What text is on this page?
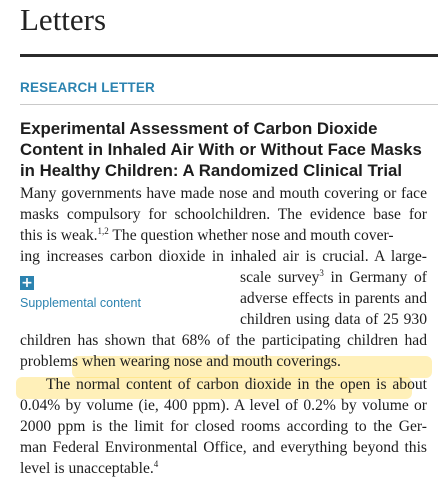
Letters
RESEARCH LETTER
Experimental Assessment of Carbon Dioxide
Content in Inhaled Air With or Without Face Masks
in Healthy Children: A Randomized Clinical Trial
Many governments have made nose and mouth covering or face
masks compulsory for schoolchildren. The evidence base for
this is weak.$^{1,2}$ The question whether nose and mouth cover-
ing increases carbon dioxide in inhaled air is crucial. A large-
+
Supplemental content
scale survey$^3$ in Germany of
adverse effects in parents and
children using data of 25 930
children has shown that 68% of the participating children had
problems when wearing nose and mouth coverings.
The normal content of carbon dioxide in the open is about
0.04% by volume (ie, 400 ppm). A level of 0.2% by volume or
2000 ppm is the limit for closed rooms according to the Ger-
man Federal Environmental Office, and everything beyond this
level is unacceptable.$^4$
